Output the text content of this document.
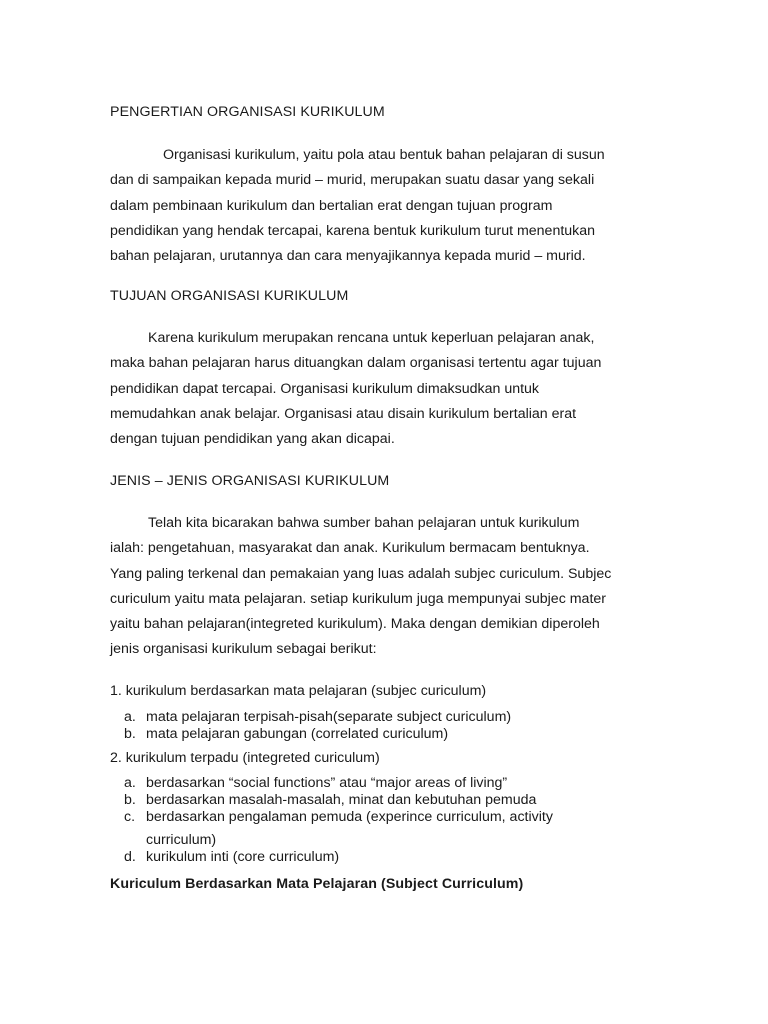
PENGERTIAN ORGANISASI KURIKULUM
Organisasi kurikulum, yaitu pola atau bentuk bahan pelajaran di susun
dan di sampaikan kepada murid – murid, merupakan suatu dasar yang sekali
dalam pembinaan kurikulum dan bertalian erat dengan tujuan program
pendidikan yang hendak tercapai, karena bentuk kurikulum turut menentukan
bahan pelajaran, urutannya dan cara menyajikannya kepada murid – murid.
TUJUAN ORGANISASI KURIKULUM
Karena kurikulum merupakan rencana untuk keperluan pelajaran anak,
maka bahan pelajaran harus dituangkan dalam organisasi tertentu agar tujuan
pendidikan dapat tercapai. Organisasi kurikulum dimaksudkan untuk
memudahkan anak belajar. Organisasi atau disain kurikulum bertalian erat
dengan tujuan pendidikan yang akan dicapai.
JENIS – JENIS ORGANISASI KURIKULUM
Telah kita bicarakan bahwa sumber bahan pelajaran untuk kurikulum
ialah: pengetahuan, masyarakat dan anak. Kurikulum bermacam bentuknya.
Yang paling terkenal dan pemakaian yang luas adalah subjec curiculum. Subjec
curiculum yaitu mata pelajaran. setiap kurikulum juga mempunyai subjec mater
yaitu bahan pelajaran(integreted kurikulum). Maka dengan demikian diperoleh
jenis organisasi kurikulum sebagai berikut:
1. kurikulum berdasarkan mata pelajaran (subjec curiculum)
a. mata pelajaran terpisah-pisah(separate subject curiculum)
b. mata pelajaran gabungan (correlated curiculum)
2. kurikulum terpadu (integreted curiculum)
a. berdasarkan “social functions” atau “major areas of living”
b. berdasarkan masalah-masalah, minat dan kebutuhan pemuda
c. berdasarkan pengalaman pemuda (experince curriculum, activity
curriculum)
d. kurikulum inti (core curriculum)
Kuriculum Berdasarkan Mata Pelajaran (Subject Curriculum)
